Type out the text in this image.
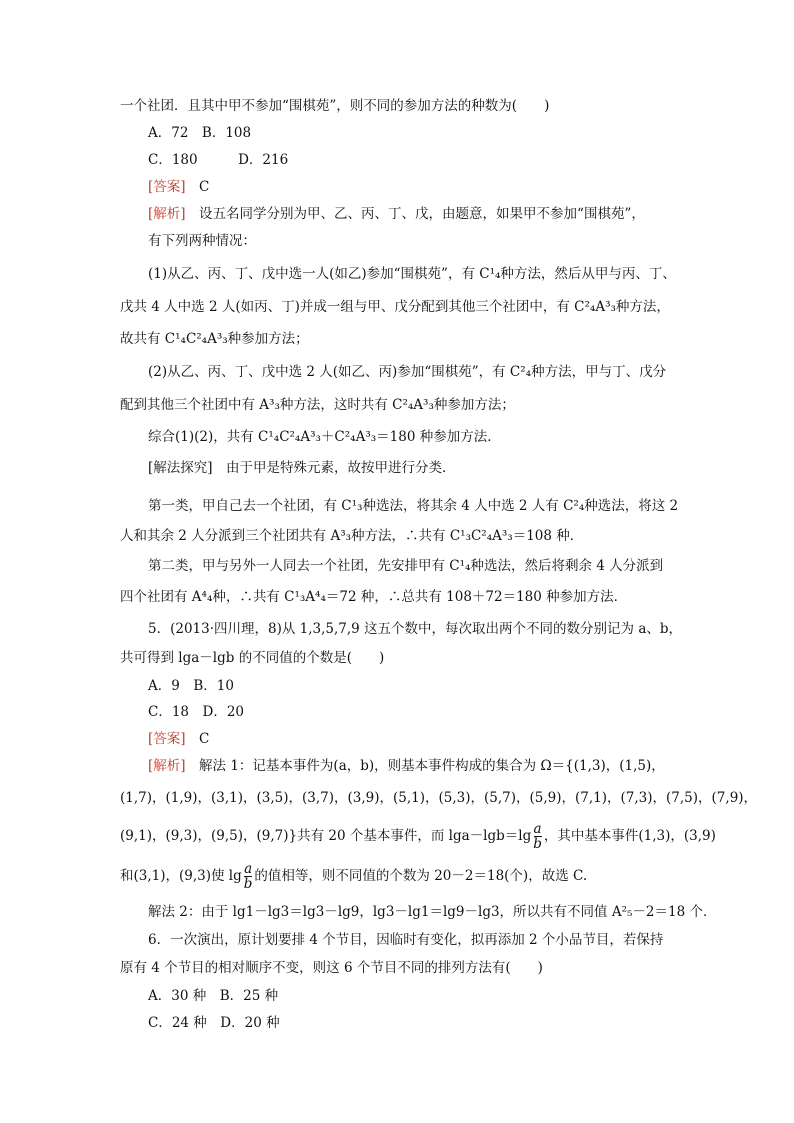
一个社团．且其中甲不参加“围棋苑”，则不同的参加方法的种数为(　　)
A．72　B．108
C．180　　　D．216
[答案]　 C
[解析]　 设五名同学分别为甲、乙、丙、丁、戊，由题意，如果甲不参加“围棋苑”，
有下列两种情况：
(1)从乙、丙、丁、戊中选一人(如乙)参加“围棋苑”，有 C¹₄种方法，然后从甲与丙、丁、
戊共 4 人中选 2 人(如丙、丁)并成一组与甲、戊分配到其他三个社团中，有 C²₄A³₃种方法，
故共有 C¹₄C²₄A³₃种参加方法；
(2)从乙、丙、丁、戊中选 2 人(如乙、丙)参加“围棋苑”，有 C²₄种方法，甲与丁、戊分
配到其他三个社团中有 A³₃种方法，这时共有 C²₄A³₃种参加方法；
综合(1)(2)，共有 C¹₄C²₄A³₃＋C²₄A³₃＝180 种参加方法．
[解法探究]　由于甲是特殊元素，故按甲进行分类．
第一类，甲自己去一个社团，有 C¹₃种选法，将其余 4 人中选 2 人有 C²₄种选法，将这 2
人和其余 2 人分派到三个社团共有 A³₃种方法，∴共有 C¹₃C²₄A³₃＝108 种．
第二类，甲与另外一人同去一个社团，先安排甲有 C¹₄种选法，然后将剩余 4 人分派到
四个社团有 A⁴₄种，∴共有 C¹₃A⁴₄＝72 种，∴总共有 108＋72＝180 种参加方法．
5．(2013·四川理，8)从 1,3,5,7,9 这五个数中，每次取出两个不同的数分别记为 a、b，
共可得到 lga－lgb 的不同值的个数是(　　)
A．9　B．10
C．18　D．20
[答案]　 C
[解析]　解法 1：记基本事件为(a，b)，则基本事件构成的集合为 Ω＝{(1,3)，(1,5)，
(1,7)，(1,9)，(3,1)，(3,5)，(3,7)，(3,9)，(5,1)，(5,3)，(5,7)，(5,9)，(7,1)，(7,3)，(7,5)，(7,9)，
(9,1)，(9,3)，(9,5)，(9,7)}共有 20 个基本事件，而 $\lg a-\lg b=\lg \frac{a}{b}$ ，其中基本事件(1,3)，(3,9)
和(3,1)，(9,3)使 $\lg \frac{a}{b}$ 的值相等，则不同值的个数为 20－2＝18(个)，故选 C.
解法 2：由于 lg1－lg3＝lg3－lg9，lg3－lg1＝lg9－lg3，所以共有不同值 A²₅－2＝18 个．
6．一次演出，原计划要排 4 个节目，因临时有变化，拟再添加 2 个小品节目，若保持
原有 4 个节目的相对顺序不变，则这 6 个节目不同的排列方法有(　　)
A．30 种　B．25 种
C．24 种　D．20 种
